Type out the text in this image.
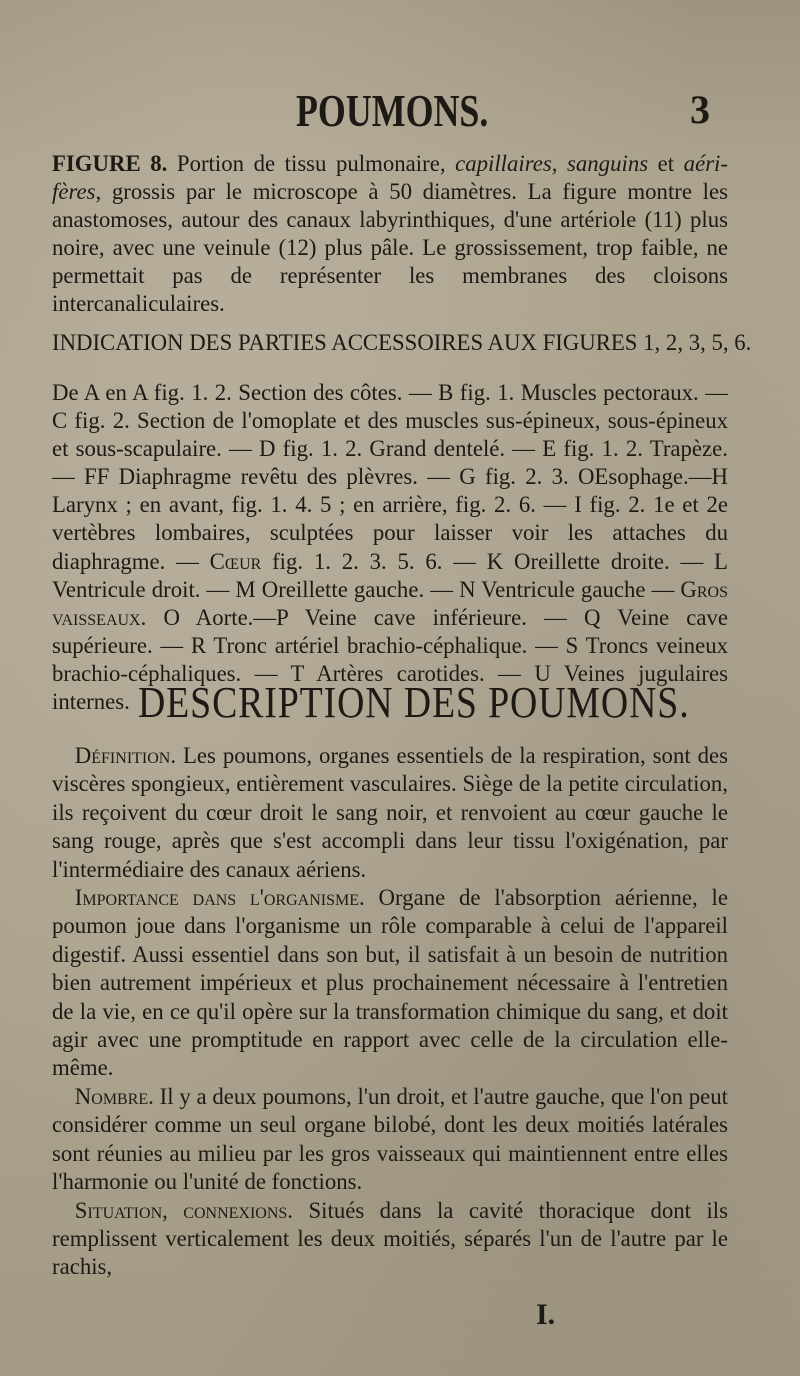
POUMONS.	3
FIGURE 8. Portion de tissu pulmonaire, capillaires, sanguins et aéri-fères, grossis par le microscope à 50 diamètres. La figure montre les anastomoses, autour des canaux labyrinthiques, d'une artériole (11) plus noire, avec une veinule (12) plus pâle. Le grossissement, trop faible, ne permettait pas de représenter les membranes des cloisons intercanaliculaires.
INDICATION DES PARTIES ACCESSOIRES AUX FIGURES 1, 2, 3, 5, 6.
De A en A fig. 1. 2. Section des côtes. — B fig. 1. Muscles pectoraux. — C fig. 2. Section de l'omoplate et des muscles sus-épineux, sous-épineux et sous-scapulaire. — D fig. 1. 2. Grand dentelé. — E fig. 1. 2. Trapèze. — FF Diaphragme revêtu des plèvres. — G fig. 2. 3. OEsophage.—H Larynx ; en avant, fig. 1. 4. 5 ; en arrière, fig. 2. 6. — I fig. 2. 1e et 2e vertèbres lombaires, sculptées pour laisser voir les attaches du diaphragme. — Cœur fig. 1. 2. 3. 5. 6. — K Oreillette droite. — L Ventricule droit. — M Oreillette gauche. — N Ventricule gauche — Gros vaisseaux. O Aorte.—P Veine cave inférieure. — Q Veine cave supérieure. — R Tronc artériel brachio-céphalique. — S Troncs veineux brachio-céphaliques. — T Artères carotides. — U Veines jugulaires internes. DESCRIPTION DES POUMONS.

 Définition. Les poumons, organes essentiels de la respiration, sont des viscères spongieux, entièrement vasculaires. Siège de la petite circulation, ils reçoivent du cœur droit le sang noir, et renvoient au cœur gauche le sang rouge, après que s'est accompli dans leur tissu l'oxigénation, par l'intermédiaire des canaux aériens.

 Importance dans l'organisme. Organe de l'absorption aérienne, le poumon joue dans l'organisme un rôle comparable à celui de l'appareil digestif. Aussi essentiel dans son but, il satisfait à un besoin de nutrition bien autrement impérieux et plus prochainement nécessaire à l'entretien de la vie, en ce qu'il opère sur la transformation chimique du sang, et doit agir avec une promptitude en rapport avec celle de la circulation elle-même.

 Nombre. Il y a deux poumons, l'un droit, et l'autre gauche, que l'on peut considérer comme un seul organe bilobé, dont les deux moitiés latérales sont réunies au milieu par les gros vaisseaux qui maintiennent entre elles l'harmonie ou l'unité de fonctions.

 Situation, connexions. Situés dans la cavité thoracique dont ils remplissent verticalement les deux moitiés, séparés l'un de l'autre par le rachis,

I.
